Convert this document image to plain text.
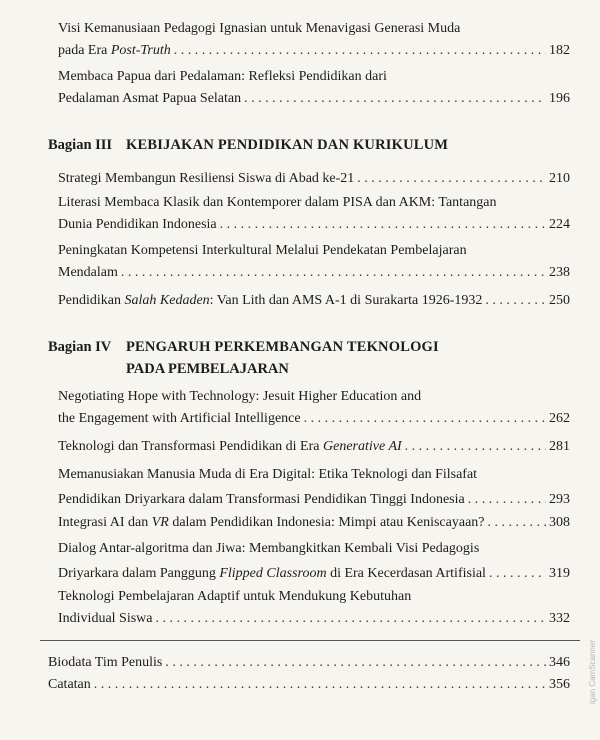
Visi Kemanusiaan Pedagogi Ignasian untuk Menavigasi Generasi Muda
pada Era Post-Truth . . .	182
Membaca Papua dari Pedalaman: Refleksi Pendidikan dari
Pedalaman Asmat Papua Selatan . . .	196
Bagian III KEBIJAKAN PENDIDIKAN DAN KURIKULUM
Strategi Membangun Resiliensi Siswa di Abad ke-21 . . .	210
Literasi Membaca Klasik dan Kontemporer dalam PISA dan AKM: Tantangan
Dunia Pendidikan Indonesia . . .	224
Peningkatan Kompetensi Interkultural Melalui Pendekatan Pembelajaran
Mendalam . . .	238
Pendidikan Salah Kedaden: Van Lith dan AMS A-1 di Surakarta 1926-1932 . . .	250
Bagian IV PENGARUH PERKEMBANGAN TEKNOLOGI
PADA PEMBELAJARAN
Negotiating Hope with Technology: Jesuit Higher Education and
the Engagement with Artificial Intelligence . . .	262
Teknologi dan Transformasi Pendidikan di Era Generative AI . . .	281
Memanusiakan Manusia Muda di Era Digital: Etika Teknologi dan Filsafat
Pendidikan Driyarkara dalam Transformasi Pendidikan Tinggi Indonesia . . .	293
Integrasi AI dan VR dalam Pendidikan Indonesia: Mimpi atau Keniscayaan? . . .	308
Dialog Antar-algoritma dan Jiwa: Membangkitkan Kembali Visi Pedagogis
Driyarkara dalam Panggung Flipped Classroom di Era Kecerdasan Artifisial . . .	319
Teknologi Pembelajaran Adaptif untuk Mendukung Kebutuhan
Individual Siswa . . .	332
Biodata Tim Penulis . . .	346
Catatan . . .	356 igan CamScanner
